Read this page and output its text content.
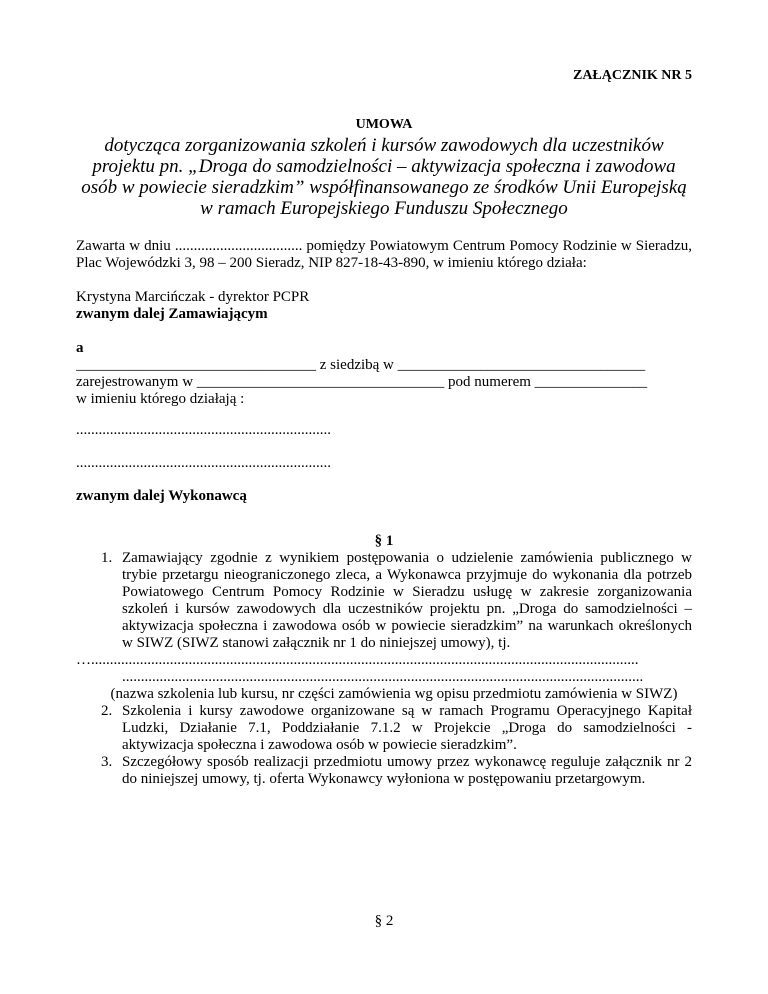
ZAŁĄCZNIK NR 5
UMOWA
dotycząca zorganizowania szkoleń i kursów zawodowych dla uczestników projektu pn. „Droga do samodzielności – aktywizacja społeczna i zawodowa osób w powiecie sieradzkim” współfinansowanego ze środków Unii Europejską w ramach Europejskiego Funduszu Społecznego
Zawarta w dniu .................................. pomiędzy Powiatowym Centrum Pomocy Rodzinie w Sieradzu, Plac Wojewódzki 3, 98 – 200 Sieradz, NIP 827-18-43-890, w imieniu którego działa:
Krystyna Marcińczak - dyrektor PCPR
zwanym dalej Zamawiającym
a
________________________________ z siedzibą w _________________________________
zarejestrowanym w _________________________________ pod numerem _______________
w imieniu którego działają :
....................................................................
....................................................................
zwanym dalej Wykonawcą
§ 1
1. Zamawiający zgodnie z wynikiem postępowania o udzielenie zamówienia publicznego w trybie przetargu nieograniczonego zleca, a Wykonawca przyjmuje do wykonania dla potrzeb Powiatowego Centrum Pomocy Rodzinie w Sieradzu usługę w zakresie zorganizowania szkoleń i kursów zawodowych dla uczestników projektu pn. „Droga do samodzielności – aktywizacja społeczna i zawodowa osób w powiecie sieradzkim” na warunkach określonych w SIWZ (SIWZ stanowi załącznik nr 1 do niniejszej umowy), tj.
…..................................................................................................................................................
...........................................................................................................................................
(nazwa szkolenia lub kursu, nr części zamówienia wg opisu przedmiotu zamówienia w SIWZ)
2. Szkolenia i kursy zawodowe organizowane są w ramach Programu Operacyjnego Kapitał Ludzki, Działanie 7.1, Poddziałanie 7.1.2 w Projekcie „Droga do samodzielności - aktywizacja społeczna i zawodowa osób w powiecie sieradzkim”.
3. Szczegółowy sposób realizacji przedmiotu umowy przez wykonawcę reguluje załącznik nr 2 do niniejszej umowy, tj. oferta Wykonawcy wyłoniona w postępowaniu przetargowym.
§ 2
